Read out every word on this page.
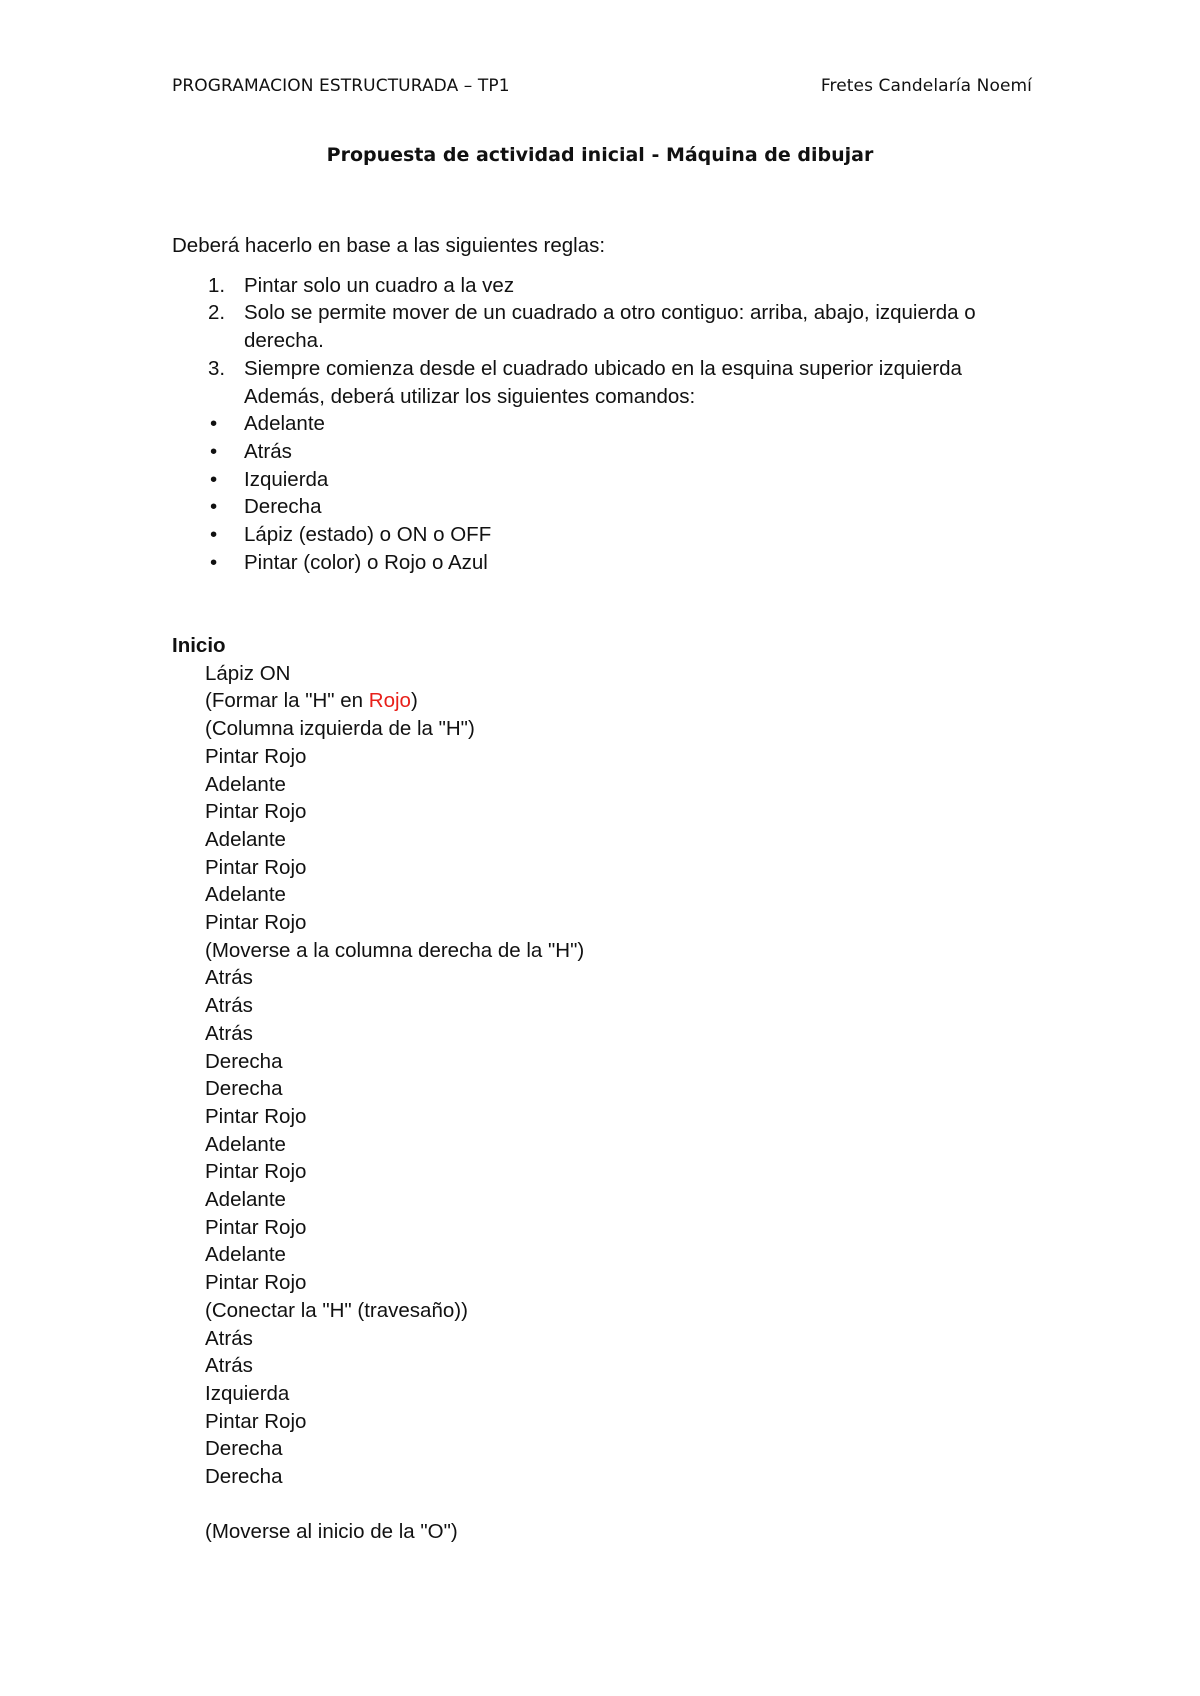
PROGRAMACION ESTRUCTURADA – TP1	Fretes Candelaría Noemí
Propuesta de actividad inicial - Máquina de dibujar

Deberá hacerlo en base a las siguientes reglas:

1. Pintar solo un cuadro a la vez
2. Solo se permite mover de un cuadrado a otro contiguo: arriba, abajo, izquierda o derecha.
3. Siempre comienza desde el cuadrado ubicado en la esquina superior izquierda
Además, deberá utilizar los siguientes comandos:
• Adelante
• Atrás
• Izquierda
• Derecha
• Lápiz (estado) o ON o OFF
• Pintar (color) o Rojo o Azul
Inicio
Lápiz ON
(Formar la "H" en Rojo)
(Columna izquierda de la "H")
Pintar Rojo
Adelante
Pintar Rojo
Adelante
Pintar Rojo
Adelante
Pintar Rojo
(Moverse a la columna derecha de la "H")
Atrás
Atrás
Atrás
Derecha
Derecha
Pintar Rojo
Adelante
Pintar Rojo
Adelante
Pintar Rojo
Adelante
Pintar Rojo
(Conectar la "H" (travesaño))
Atrás
Atrás
Izquierda
Pintar Rojo
Derecha
Derecha
(Moverse al inicio de la "O")
